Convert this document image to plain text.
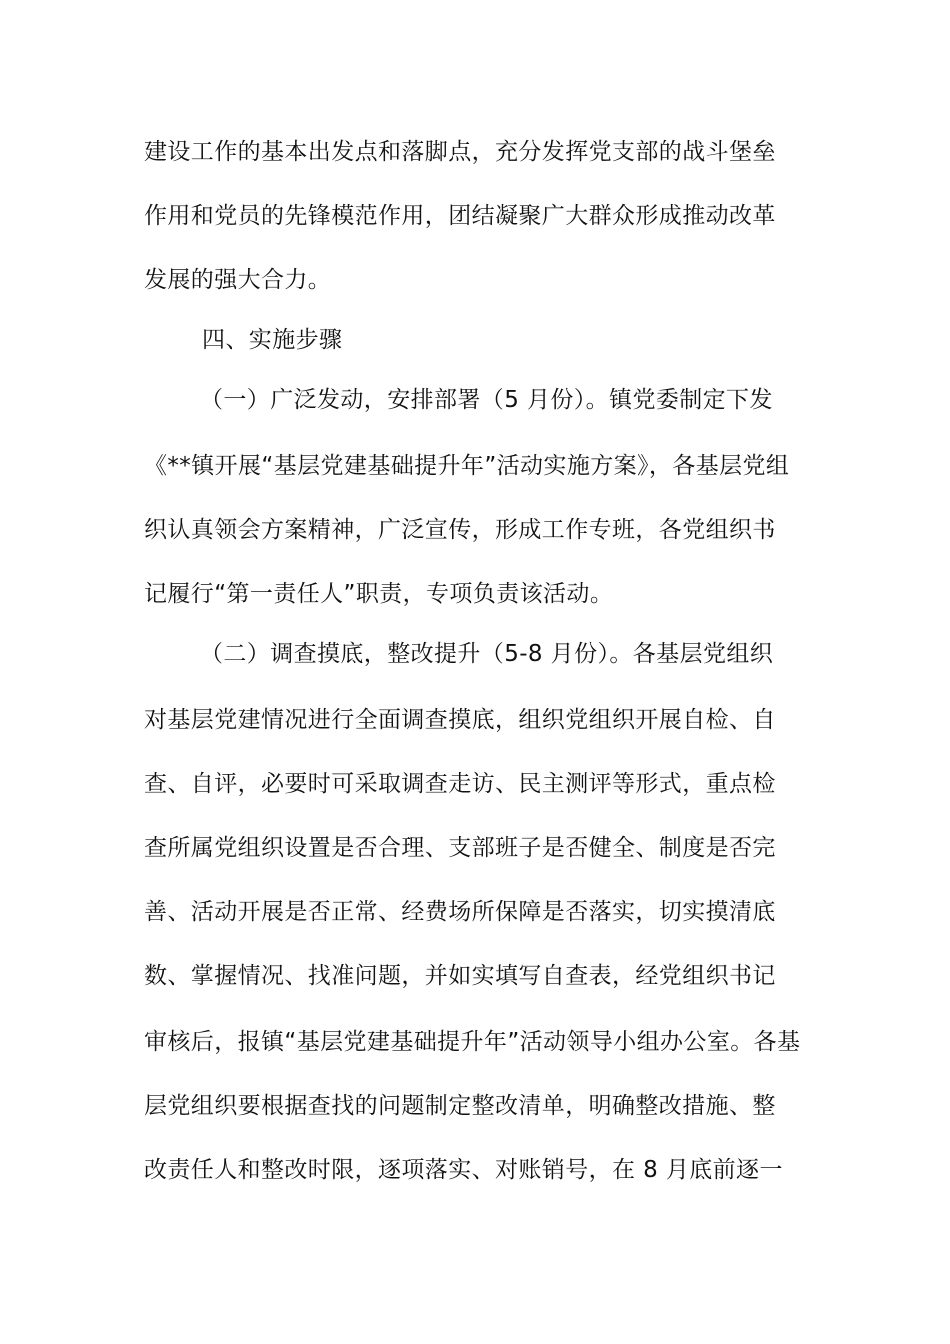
建设工作的基本出发点和落脚点，充分发挥党支部的战斗堡垒
作用和党员的先锋模范作用，团结凝聚广大群众形成推动改革
发展的强大合力。
四、实施步骤
（一）广泛发动，安排部署（5 月份）。镇党委制定下发
《**镇开展“基层党建基础提升年”活动实施方案》，各基层党组
织认真领会方案精神，广泛宣传，形成工作专班，各党组织书
记履行“第一责任人”职责，专项负责该活动。
（二）调查摸底，整改提升（5-8 月份）。各基层党组织
对基层党建情况进行全面调查摸底，组织党组织开展自检、自
查、自评，必要时可采取调查走访、民主测评等形式，重点检
查所属党组织设置是否合理、支部班子是否健全、制度是否完
善、活动开展是否正常、经费场所保障是否落实，切实摸清底
数、掌握情况、找准问题，并如实填写自查表，经党组织书记
审核后，报镇“基层党建基础提升年”活动领导小组办公室。各基
层党组织要根据查找的问题制定整改清单，明确整改措施、整
改责任人和整改时限，逐项落实、对账销号，在 8 月底前逐一
